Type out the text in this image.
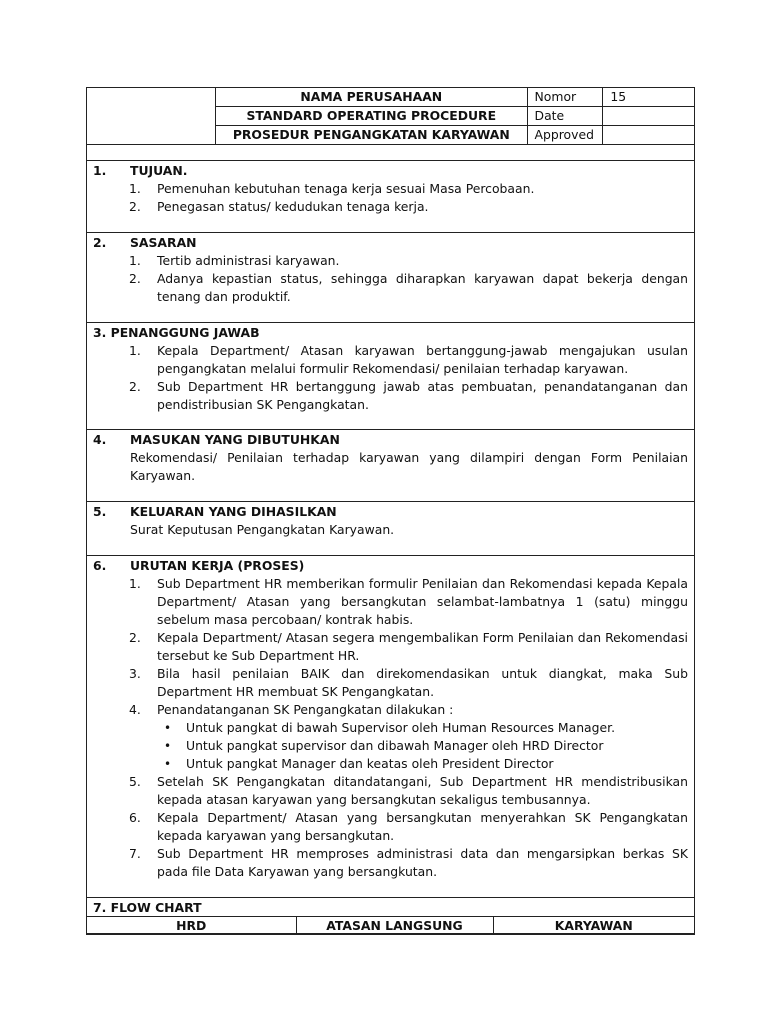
NAMA PERUSAHAAN	Nomor	15
STANDARD OPERATING PROCEDURE	Date	
PROSEDUR PENGANGKATAN KARYAWAN	Approved	
1. TUJUAN.
1.	Pemenuhan kebutuhan tenaga kerja sesuai Masa Percobaan.
2.	Penegasan status/ kedudukan tenaga kerja.
2. SASARAN
1.	Tertib administrasi karyawan.
2.	Adanya kepastian status, sehingga diharapkan karyawan dapat bekerja dengan tenang dan produktif.
3. PENANGGUNG JAWAB
1.	Kepala Department/ Atasan karyawan bertanggung-jawab mengajukan usulan pengangkatan melalui formulir Rekomendasi/ penilaian terhadap karyawan.
2.	Sub Department HR bertanggung jawab atas pembuatan, penandatanganan dan pendistribusian SK Pengangkatan.
4. MASUKAN YANG DIBUTUHKAN
Rekomendasi/ Penilaian terhadap karyawan yang dilampiri dengan Form Penilaian Karyawan.
5. KELUARAN YANG DIHASILKAN
Surat Keputusan Pengangkatan Karyawan.
6. URUTAN KERJA (PROSES)
1.	Sub Department HR memberikan formulir Penilaian dan Rekomendasi kepada Kepala Department/ Atasan yang bersangkutan selambat-lambatnya 1 (satu) minggu sebelum masa percobaan/ kontrak habis.
2.	Kepala Department/ Atasan segera mengembalikan Form Penilaian dan Rekomendasi tersebut ke Sub Department HR.
3.	Bila hasil penilaian BAIK dan direkomendasikan untuk diangkat, maka Sub Department HR membuat SK Pengangkatan.
4.	Penandatanganan SK Pengangkatan dilakukan :
• Untuk pangkat di bawah Supervisor oleh Human Resources Manager.
• Untuk pangkat supervisor dan dibawah Manager oleh HRD Director
• Untuk pangkat Manager dan keatas oleh President Director
5.	Setelah SK Pengangkatan ditandatangani, Sub Department HR mendistribusikan kepada atasan karyawan yang bersangkutan sekaligus tembusannya.
6.	Kepala Department/ Atasan yang bersangkutan menyerahkan SK Pengangkatan kepada karyawan yang bersangkutan.
7.	Sub Department HR memproses administrasi data dan mengarsipkan berkas SK pada file Data Karyawan yang bersangkutan.
7. FLOW CHART
HRD	ATASAN LANGSUNG	KARYAWAN
